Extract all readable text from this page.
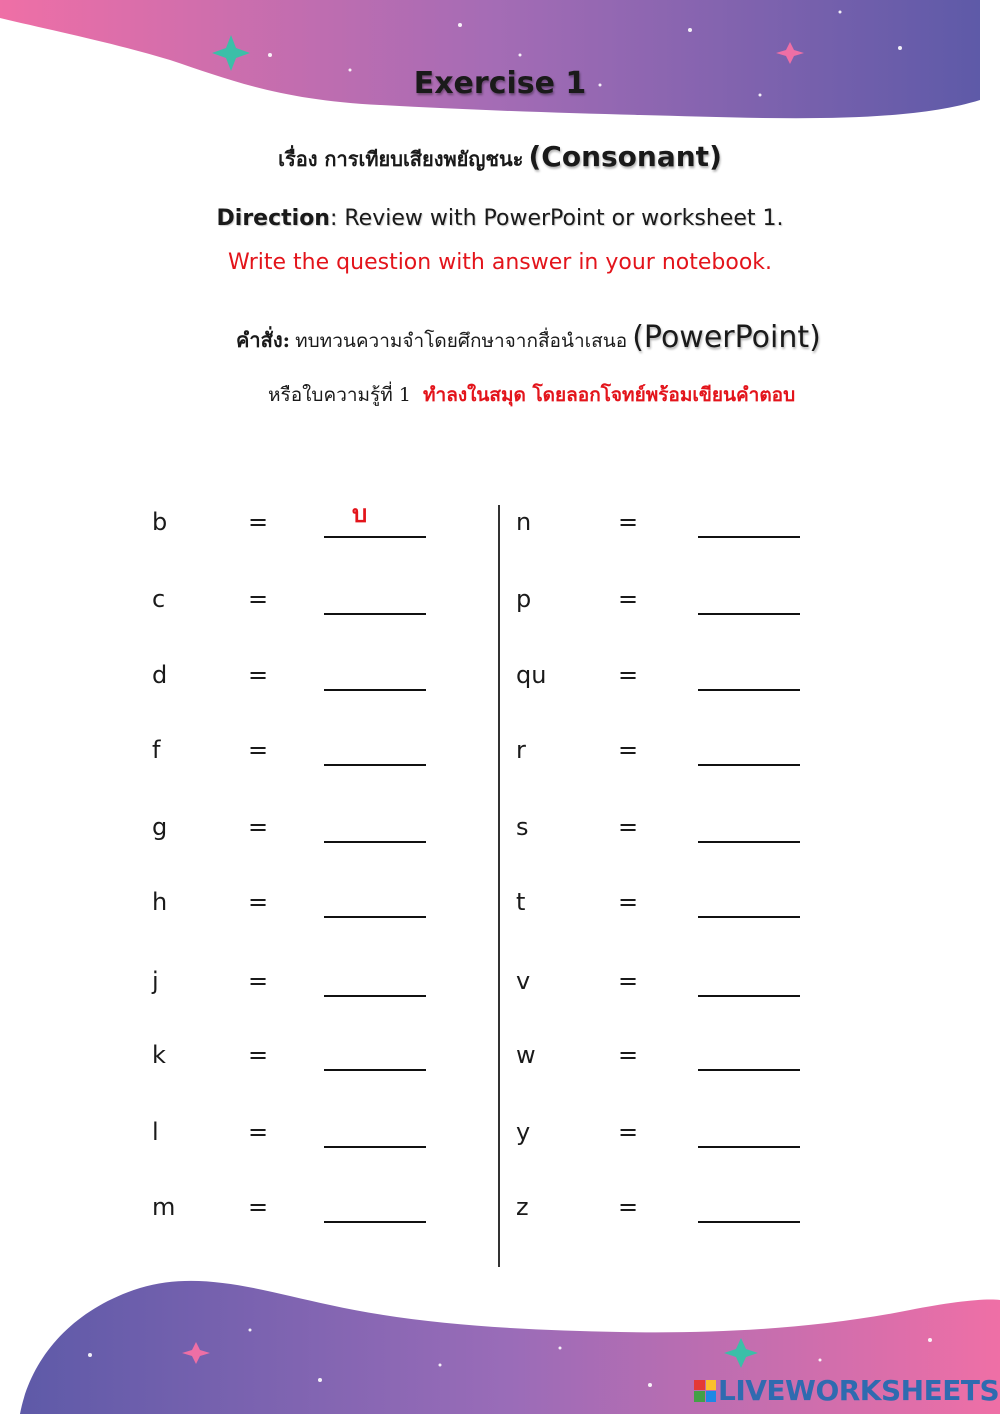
Exercise 1
เรื่อง การเทียบเสียงพยัญชนะ (Consonant)
Direction: Review with PowerPoint or worksheet 1.
Write the question with answer in your notebook.
คำสั่ง: ทบทวนความจำโดยศึกษาจากสื่อนำเสนอ (PowerPoint)
หรือใบความรู้ที่ 1 ทำลงในสมุด โดยลอกโจทย์พร้อมเขียนคำตอบ
b	=	บ
c	=
d	=
f	=
g	=
h	=
j	=
k	=
l	=
m	=
n	=
p	=
qu	=
r	=
s	=
t	=
v	=
w	=
y	=
z	=
LIVEWORKSHEETS
